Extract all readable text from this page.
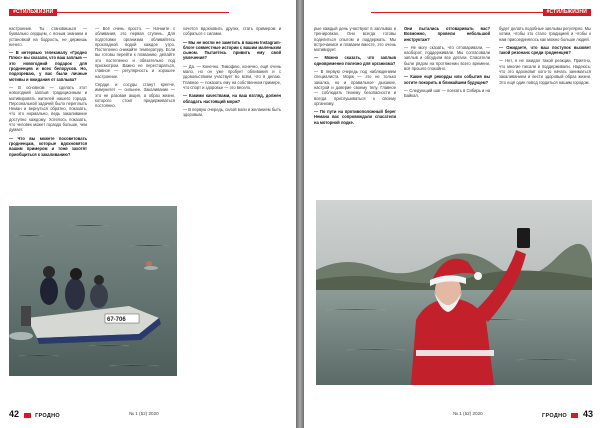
#СТИЛЬЖИЗНИ

настроение. Ты становишься — буквально сердцем, с ясным знанием и установкой на бодрость, не держишь ничего.

— В интервью телеканалу «Гродно Плюс» вы сказали, что ваш заплыв — это новогодний подарок для гродненцев и всех белорусов. Но, подозреваю, у вас были личные мотивы и ожидания от заплыва?

— В основном — сделать этот новогодний заплыв традиционным и мотивировать жителей нашего города. Персональной задачей было переплыть Неман и вернуться обратно, показать, что это нормально, ведь закаливание доступно каждому. Хотелось показать, что человек может гораздо больше, чем думает.

— Что вы можете посоветовать гродненцам, которые вдохновятся вашим примером и тоже захотят приобщиться к закаливанию?

— Всё очень просто. — Начните с обливания, это первая ступень. Для подготовки организма обливайтесь прохладной водой каждое утро. Постепенно снижайте температуру. Если вы готовы перейти к плаванию, делайте это постепенно и обязательно под присмотром. Важно не перестараться, главное — регулярность и хорошее настроение.

Сердце и сосуды станут крепче, иммунитет — сильнее. Закаливание — это не разовая акция, а образ жизни, которого стоит придерживаться постоянно.

хочется вдохновить других, стать примером и собраться с силами.

— Мы не могли не заметить в вашем Instagram-блоге совместные истории с вашим маленьким сыном. Пытаетесь привить ему свой увлечения?

— Да. — Конечно. Тимофею, конечно, ещё очень мало, но он уже пробует обливания и с удовольствием участвует во всём, что я делаю. Главное — показать ему на собственном примере, что спорт и здоровье — это весело.

— Какими качествами, на ваш взгляд, должен обладать настоящий морж?

— В первую очередь, силой воли и желанием быть здоровым.

67-706
42	ГРОДНО	№ 1 (52) 2020
#СТИЛЬЖИЗНИ

рые каждый день участвуют в заплывах и тренировках. Они всегда готовы поделиться опытом и поддержать. Мы встречаемся и плаваем вместе, это очень мотивирует.

— Можно сказать, что заплыв одновременно полезно для организма?

— В первую очередь под наблюдением специалиста. Морж — это не только закалка, но и правильное дыхание, настрой и доверие своему телу. Главное — соблюдать технику безопасности и всегда прислушиваться к своему организму.

— По пути на противоположный берег Немана вас сопровождали спасатели на моторной лодке.

Они пытались отговаривать вас? Возможно, провели небольшой инструктаж?

— Не могу сказать, что отговаривали, — наоборот, поддерживали. Мы согласовали заплыв и обсудили все детали. Спасатели были рядом на протяжении всего времени, всё прошло спокойно.

— Какие ещё рекорды или события вы хотите покорить в ближайшем будущем?

— Следующий шаг — поехать в Сибирь и на Байкал.

будет делать подобные заплывы регулярно. Мы хотим, чтобы это стало традицией и чтобы к нам присоединялось как можно больше людей.

— Ожидаете, что ваш поступок вызовет такой резонанс среди гродненцев?

— Нет, я не ожидал такой реакции. Приятно, что многие писали и поддерживали. Надеюсь, что это вдохновит кого-то начать заниматься закаливанием и вести здоровый образ жизни. Это ещё один повод гордиться нашим городом.

№ 1 (52) 2020	ГРОДНО 43
